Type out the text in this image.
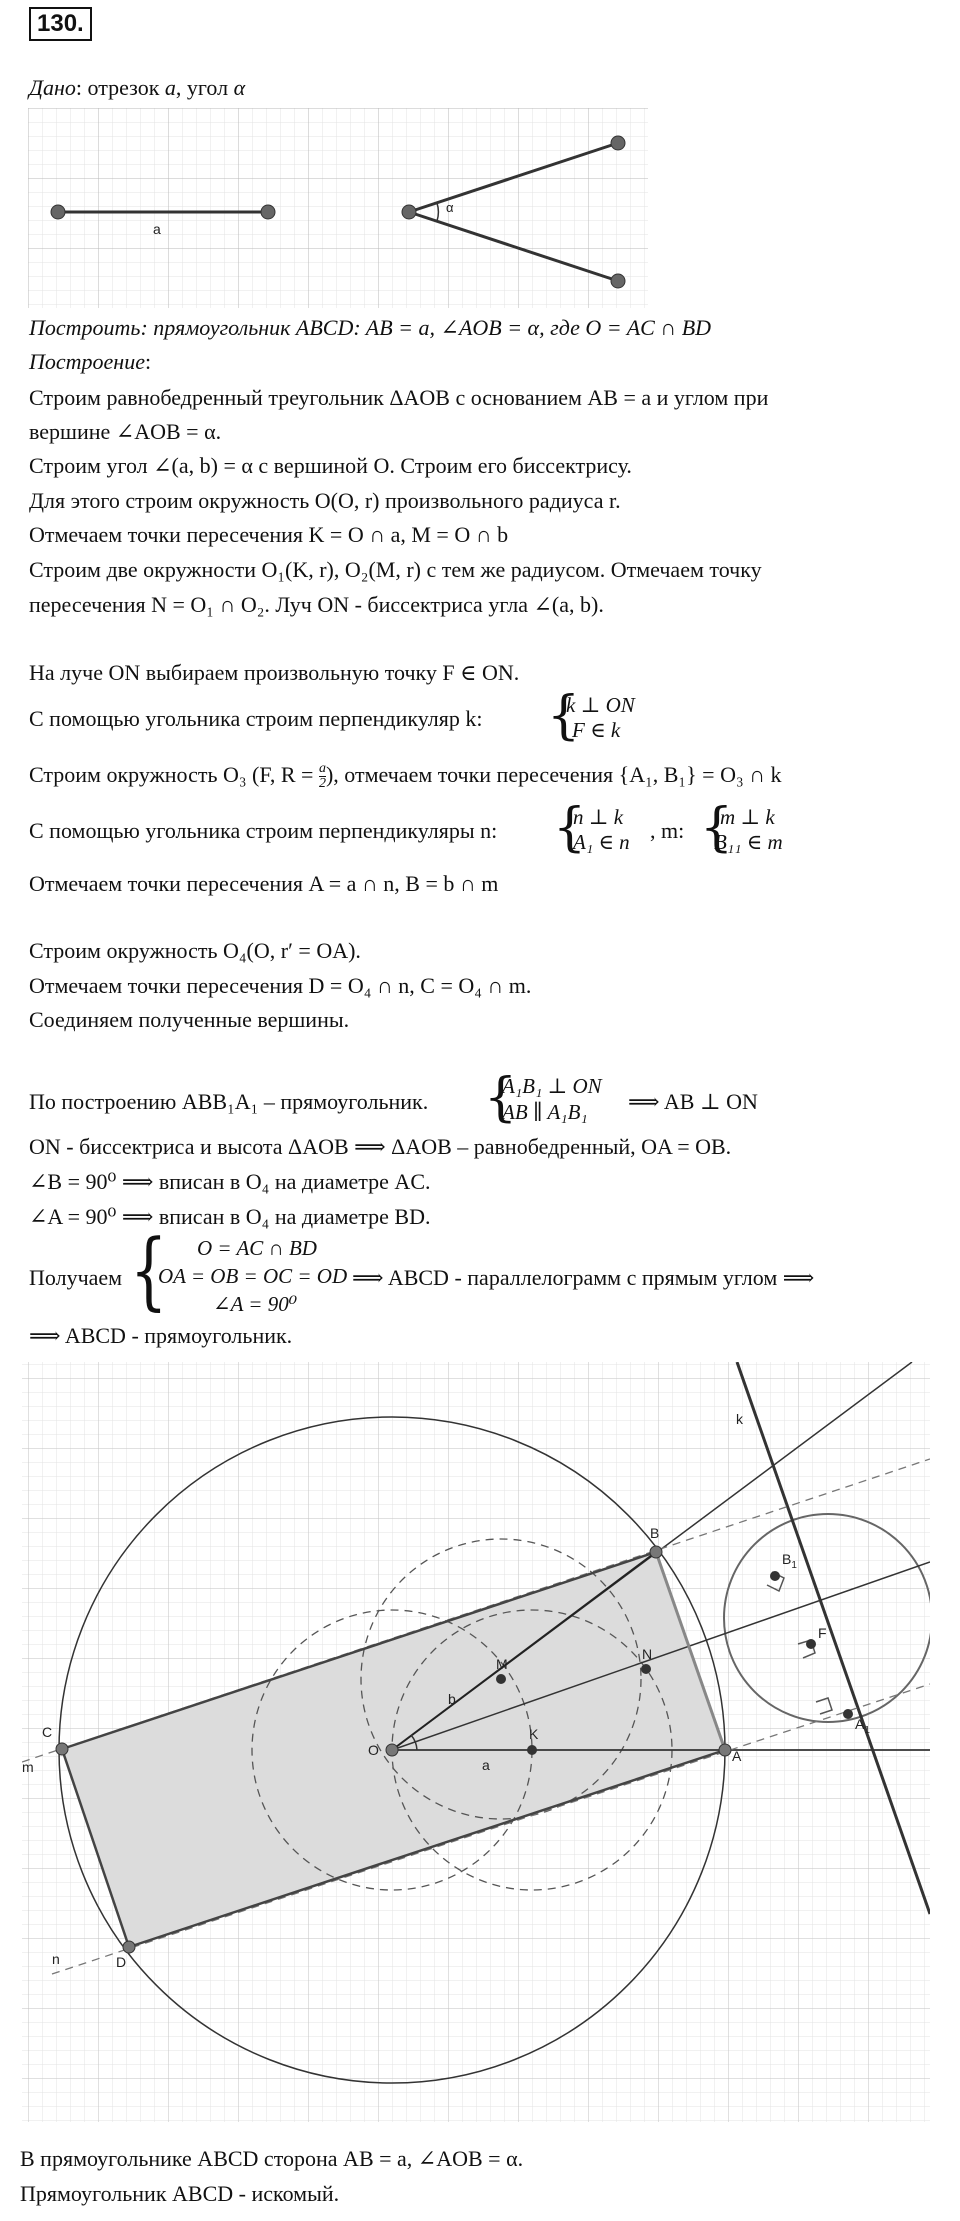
130.
Дано: отрезок a, угол α
a
α
Построить: прямоугольник ABCD: AB = a, ∠AOB = α, где O = AC ∩ BD
Построение:
Строим равнобедренный треугольник ΔAOB с основанием AB = a и углом при
вершине ∠AOB = α.
Строим угол ∠(a, b) = α с вершиной O. Строим его биссектрису.
Для этого строим окружность O(O, r) произвольного радиуса r.
Отмечаем точки пересечения K = O ∩ a, M = O ∩ b
Строим две окружности O₁(K, r), O₂(M, r) с тем же радиусом. Отмечаем точку
пересечения N = O₁ ∩ O₂. Луч ON - биссектриса угла ∠(a, b).
На луче ON выбираем произвольную точку F ∈ ON.
С помощью угольника строим перпендикуляр k: {
k ⊥ ON
F ∈ k
Строим окружность O₃ (F, $R = \frac{a}{2}$ ), отмечаем точки пересечения {A₁, B₁} = O₃ ∩ k
С помощью угольника строим перпендикуляры n: {
n ⊥ k
A₁ ∈ n , m: {
m ⊥ k
B₁₁ ∈ m
Отмечаем точки пересечения A = a ∩ n, B = b ∩ m
Строим окружность O₄(O, r′ = OA).
Отмечаем точки пересечения D = O₄ ∩ n, C = O₄ ∩ m.
Соединяем полученные вершины.
По построению ABB₁A₁ – прямоугольник. {
A₁B₁ ⊥ ON
AB ∥ A₁B₁ ⟹ AB ⊥ ON
ON - биссектриса и высота ΔAOB ⟹ ΔAOB – равнобедренный, OA = OB.
∠B = 90⁰ ⟹ вписан в O₄ на диаметре AC.
∠A = 90⁰ ⟹ вписан в O₄ на диаметре BD.
Получаем { O = AC ∩ BD
OA = OB = OC = OD
∠A = 90⁰
⟹ ABCD - параллелограмм с прямым углом ⟹
⟹ ABCD - прямоугольник.
k
$B_1$
B
F
M
N
b
C
O
K
a
A
$A_1$
m
n	D
В прямоугольнике ABCD сторона AB = a, ∠AOB = α.
Прямоугольник ABCD - искомый.
